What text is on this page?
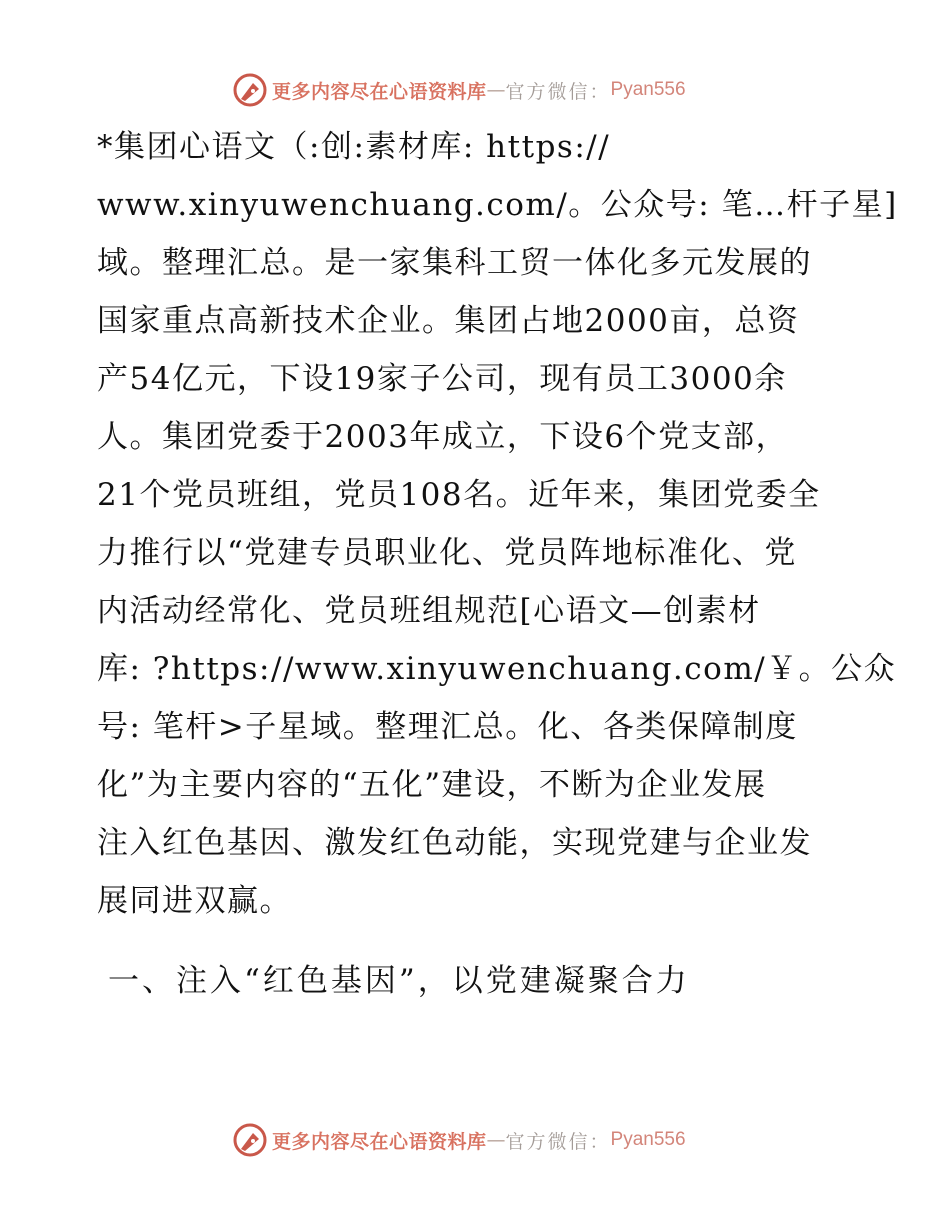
更多内容尽在心语资料库 — 官方微信： Pyan556
*集团心语文（:创:素材库: https://
www.xinyuwenchuang.com/。公众号: 笔…杆子星]
域。整理汇总。是一家集科工贸一体化多元发展的
国家重点高新技术企业。集团占地2000亩，总资
产54亿元，下设19家子公司，现有员工3000余
人。集团党委于2003年成立，下设6个党支部，
21个党员班组，党员108名。近年来，集团党委全
力推行以“党建专员职业化、党员阵地标准化、党
内活动经常化、党员班组规范[心语文—创素材
库: ?https://www.xinyuwenchuang.com/￥。公众
号: 笔杆>子星域。整理汇总。化、各类保障制度
化”为主要内容的“五化”建设，不断为企业发展
注入红色基因、激发红色动能，实现党建与企业发
展同进双赢。
一、注入“红色基因”，以党建凝聚合力
更多内容尽在心语资料库 — 官方微信： Pyan556
